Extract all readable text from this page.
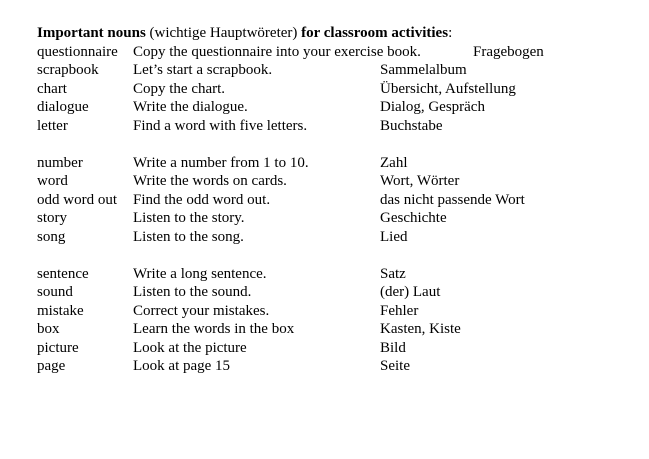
Important nouns (wichtige Hauptwöreter) for classroom activities:
questionnaire	Copy the questionnaire into your exercise book.	Fragebogen
scrapbook	Let’s start a scrapbook.	Sammelalbum
chart	Copy the chart.	Übersicht, Aufstellung
dialogue	Write the dialogue.	Dialog, Gespräch
letter	Find a word with five letters.	Buchstabe
number	Write a number from 1 to 10.	Zahl
word	Write the words on cards.	Wort, Wörter
odd word out	Find the odd word out.	das nicht passende Wort
story	Listen to the story.	Geschichte
song	Listen to the song.	Lied
sentence	Write a long sentence.	Satz
sound	Listen to the sound.	(der) Laut
mistake	Correct your mistakes.	Fehler
box	Learn the words in the box	Kasten, Kiste
picture	Look at the picture	Bild
page	Look at page 15	Seite
